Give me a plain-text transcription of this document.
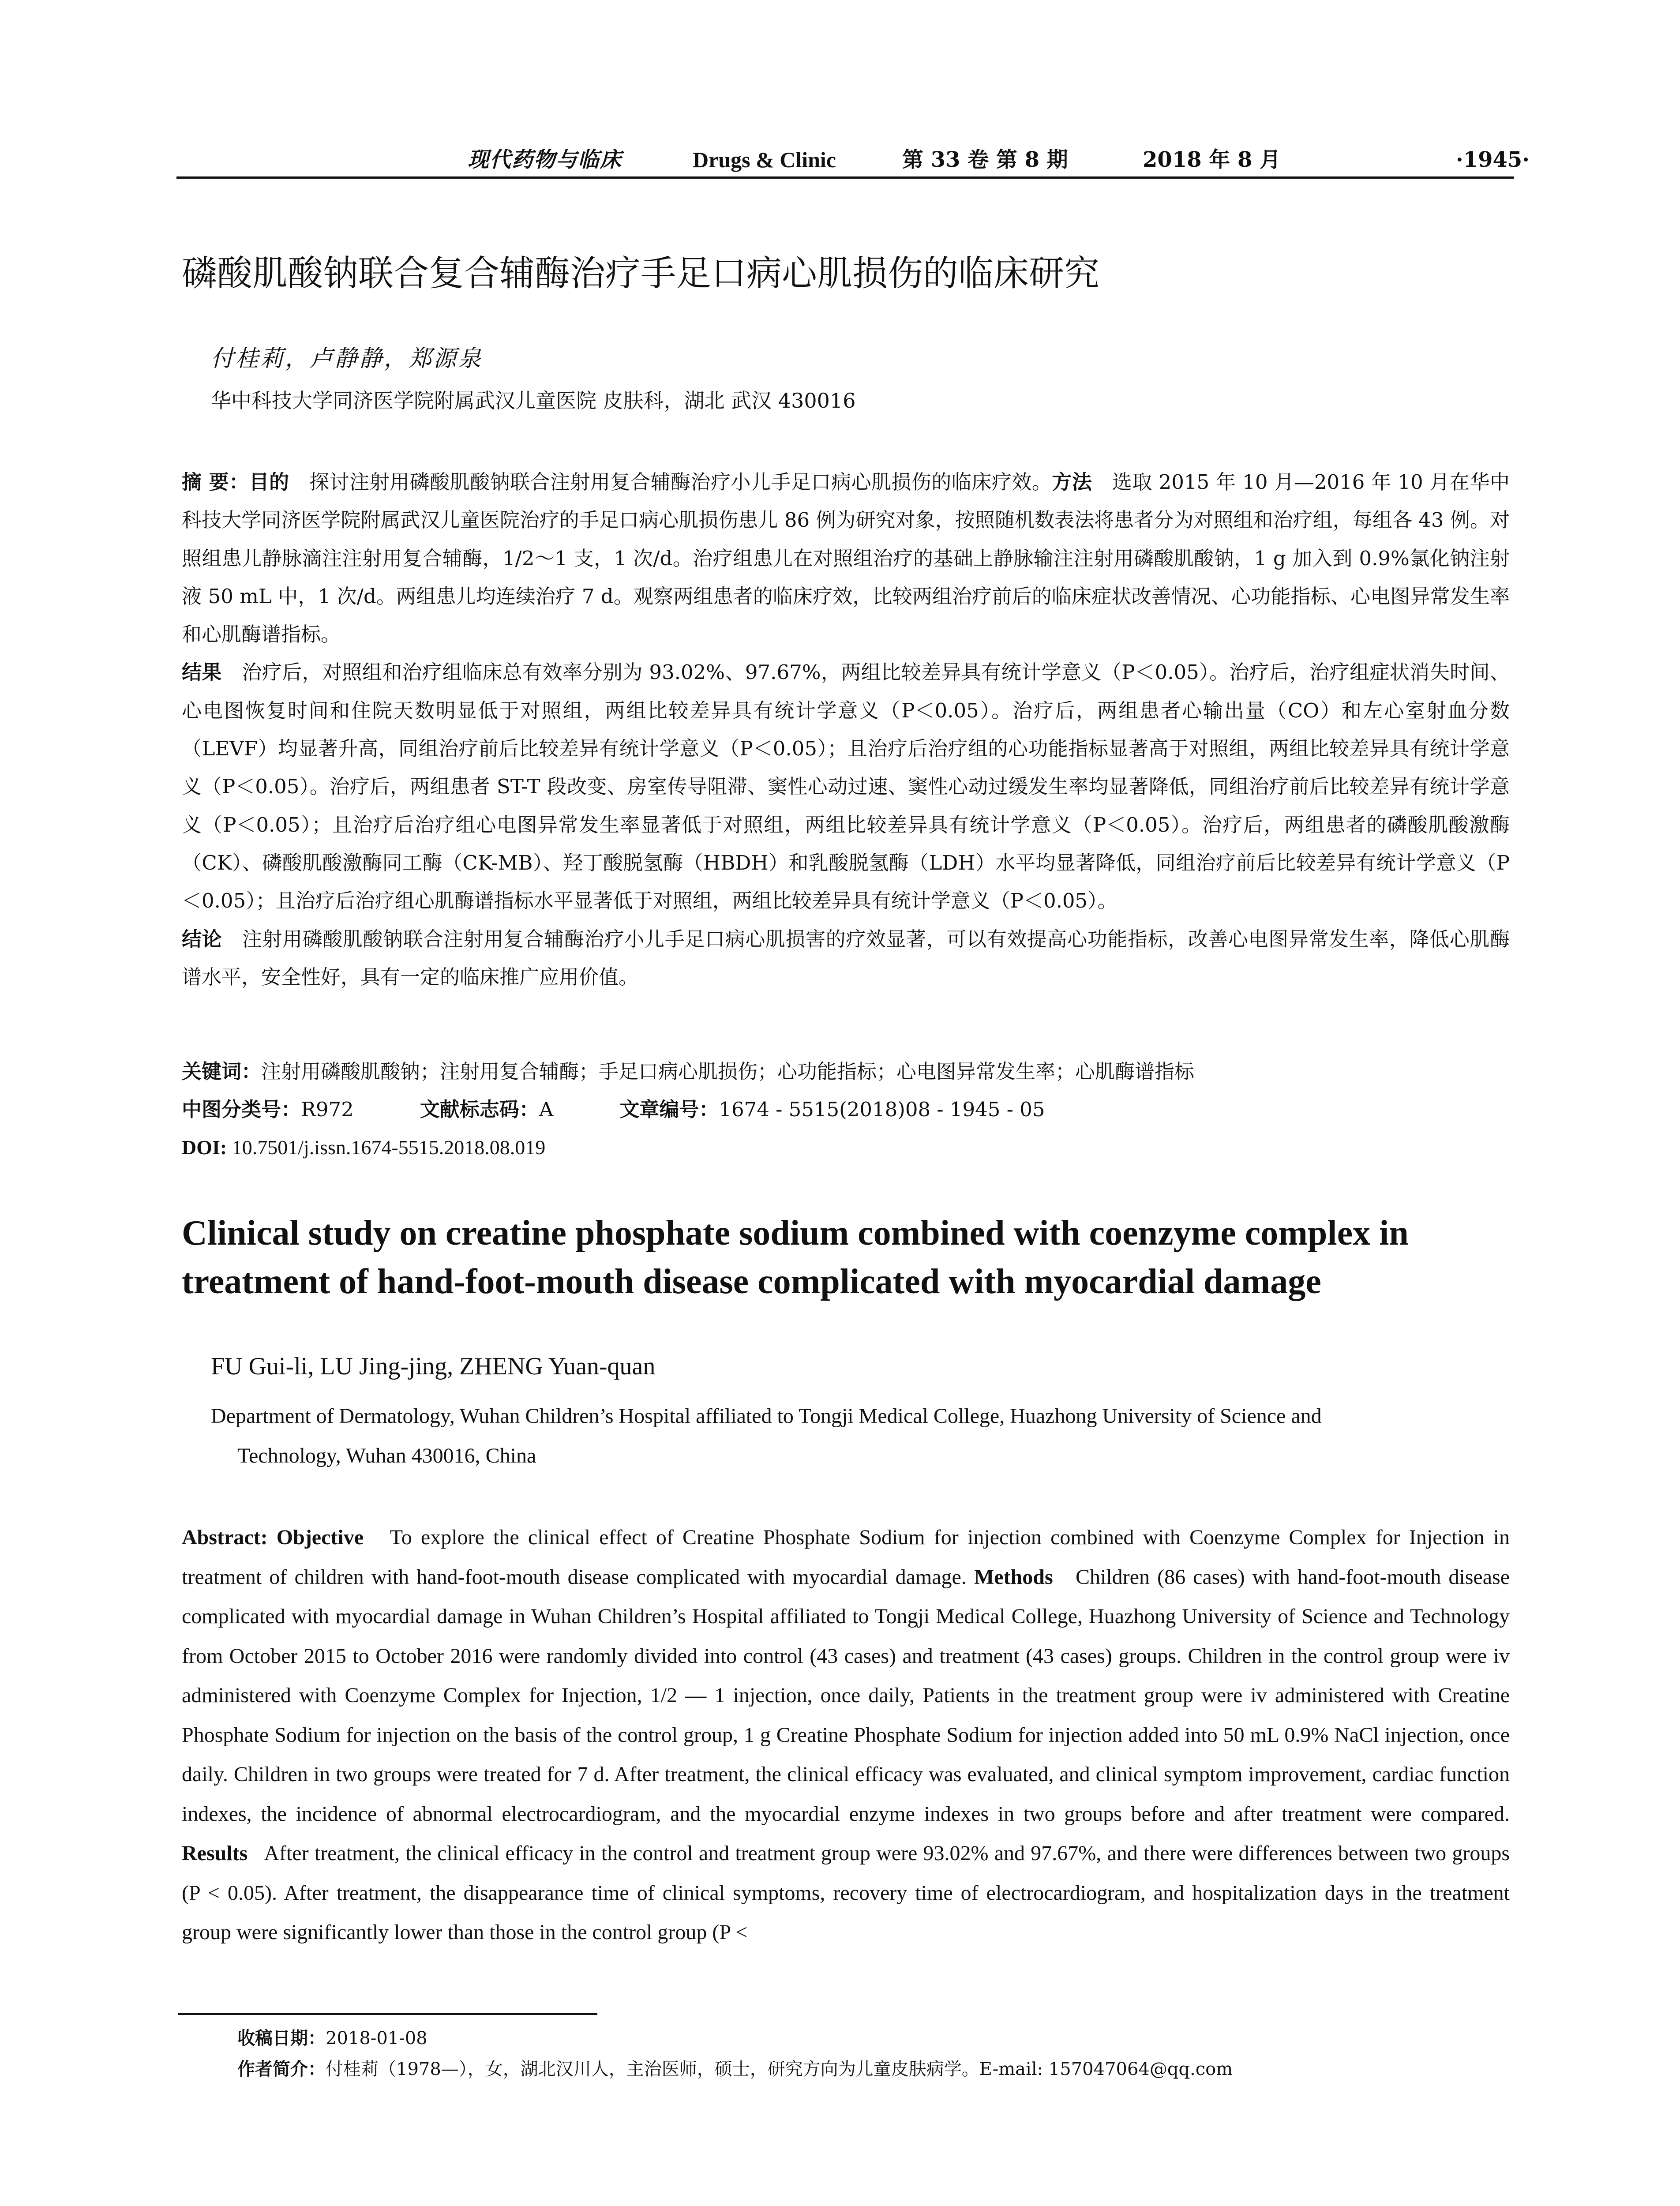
现代药物与临床	Drugs & Clinic	第 33 卷 第 8 期	2018 年 8 月	·1945·
磷酸肌酸钠联合复合辅酶治疗手足口病心肌损伤的临床研究
付桂莉，卢静静，郑源泉
华中科技大学同济医学院附属武汉儿童医院 皮肤科，湖北 武汉 430016

摘 要：目的　 探讨注射用磷酸肌酸钠联合注射用复合辅酶治疗小儿手足口病心肌损伤的临床疗效。方法　 选取 2015 年 10 月—2016 年 10 月在华中科技大学同济医学院附属武汉儿童医院治疗的手足口病心肌损伤患儿 86 例为研究对象，按照随机数表法将患者分为对照组和治疗组，每组各 43 例。对照组患儿静脉滴注注射用复合辅酶，1/2～1 支，1 次/d。治疗组患儿在对照组治疗的基础上静脉输注注射用磷酸肌酸钠，1 g 加入到 0.9%氯化钠注射液 50 mL 中，1 次/d。两组患儿均连续治疗 7 d。观察两组患者的临床疗效，比较两组治疗前后的临床症状改善情况、心功能指标、心电图异常发生率和心肌酶谱指标。

结果　 治疗后，对照组和治疗组临床总有效率分别为 93.02%、97.67%，两组比较差异具有统计学意义（P＜0.05）。治疗后，治疗组症状消失时间、心电图恢复时间和住院天数明显低于对照组，两组比较差异具有统计学意义（P＜0.05）。治疗后，两组患者心输出量（CO）和左心室射血分数（LEVF）均显著升高，同组治疗前后比较差异有统计学意义（P＜0.05）；且治疗后治疗组的心功能指标显著高于对照组，两组比较差异具有统计学意义（P＜0.05）。治疗后，两组患者 ST-T 段改变、房室传导阻滞、窦性心动过速、窦性心动过缓发生率均显著降低，同组治疗前后比较差异有统计学意义（P＜0.05）；且治疗后治疗组心电图异常发生率显著低于对照组，两组比较差异具有统计学意义（P＜0.05）。治疗后，两组患者的磷酸肌酸激酶（CK）、磷酸肌酸激酶同工酶（CK-MB）、羟丁酸脱氢酶（HBDH）和乳酸脱氢酶（LDH）水平均显著降低，同组治疗前后比较差异有统计学意义（P＜0.05）；且治疗后治疗组心肌酶谱指标水平显著低于对照组，两组比较差异具有统计学意义（P＜0.05）。

结论　 注射用磷酸肌酸钠联合注射用复合辅酶治疗小儿手足口病心肌损害的疗效显著，可以有效提高心功能指标，改善心电图异常发生率，降低心肌酶谱水平，安全性好，具有一定的临床推广应用价值。

关键词：注射用磷酸肌酸钠；注射用复合辅酶；手足口病心肌损伤；心功能指标；心电图异常发生率；心肌酶谱指标
中图分类号：R972	文献标志码：A	文章编号：1674 - 5515(2018)08 - 1945 - 05
DOI: 10.7501/j.issn.1674-5515.2018.08.019
Clinical study on creatine phosphate sodium combined with coenzyme complex in treatment of hand-foot-mouth disease complicated with myocardial damage
FU Gui-li, LU Jing-jing, ZHENG Yuan-quan
Department of Dermatology, Wuhan Children’s Hospital affiliated to Tongji Medical College, Huazhong University of Science and
Technology, Wuhan 430016, China

Abstract: Objective To explore the clinical effect of Creatine Phosphate Sodium for injection combined with Coenzyme Complex for Injection in treatment of children with hand-foot-mouth disease complicated with myocardial damage. Methods Children (86 cases) with hand-foot-mouth disease complicated with myocardial damage in Wuhan Children’s Hospital affiliated to Tongji Medical College, Huazhong University of Science and Technology from October 2015 to October 2016 were randomly divided into control (43 cases) and treatment (43 cases) groups. Children in the control group were iv administered with Coenzyme Complex for Injection, 1/2 — 1 injection, once daily, Patients in the treatment group were iv administered with Creatine Phosphate Sodium for injection on the basis of the control group, 1 g Creatine Phosphate Sodium for injection added into 50 mL 0.9% NaCl injection, once daily. Children in two groups were treated for 7 d. After treatment, the clinical efficacy was evaluated, and clinical symptom improvement, cardiac function indexes, the incidence of abnormal electrocardiogram, and the myocardial enzyme indexes in two groups before and after treatment were compared. Results After treatment, the clinical efficacy in the control and treatment group were 93.02% and 97.67%, and there were differences between two groups (P < 0.05). After treatment, the disappearance time of clinical symptoms, recovery time of electrocardiogram, and hospitalization days in the treatment group were significantly lower than those in the control group (P <

收稿日期：2018-01-08
作者简介：付桂莉（1978—），女，湖北汉川人，主治医师，硕士，研究方向为儿童皮肤病学。E-mail: 157047064@qq.com
